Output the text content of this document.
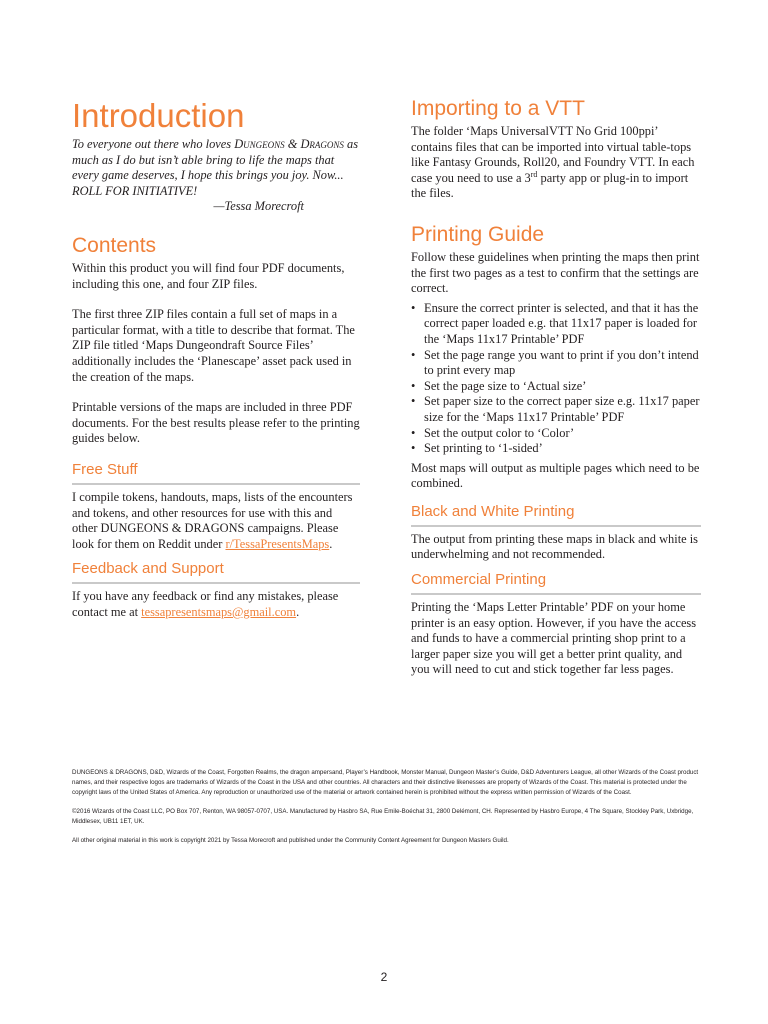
Introduction

To everyone out there who loves Dungeons & Dragons as much as I do but isn’t able bring to life the maps that every game deserves, I hope this brings you joy. Now... ROLL FOR INITIATIVE!

—Tessa Morecroft

Contents

Within this product you will find four PDF documents, including this one, and four ZIP files.

The first three ZIP files contain a full set of maps in a particular format, with a title to describe that format. The ZIP file titled ‘Maps Dungeondraft Source Files’ additionally includes the ‘Planescape’ asset pack used in the creation of the maps.

Printable versions of the maps are included in three PDF documents. For the best results please refer to the printing guides below.

Free Stuff

I compile tokens, handouts, maps, lists of the encounters and tokens, and other resources for use with this and other DUNGEONS & DRAGONS campaigns. Please look for them on Reddit under r/TessaPresentsMaps.

Feedback and Support

If you have any feedback or find any mistakes, please contact me at tessapresentsmaps@gmail.com.

Importing to a VTT

The folder ‘Maps UniversalVTT No Grid 100ppi’ contains files that can be imported into virtual table-tops like Fantasy Grounds, Roll20, and Foundry VTT. In each case you need to use a 3rd party app or plug-in to import the files.

Printing Guide

Follow these guidelines when printing the maps then print the first two pages as a test to confirm that the settings are correct.

• Ensure the correct printer is selected, and that it has the correct paper loaded e.g. that 11x17 paper is loaded for the ‘Maps 11x17 Printable’ PDF
• Set the page range you want to print if you don’t intend to print every map
• Set the page size to ‘Actual size’
• Set paper size to the correct paper size e.g. 11x17 paper size for the ‘Maps 11x17 Printable’ PDF
• Set the output color to ‘Color’
• Set printing to ‘1-sided’

Most maps will output as multiple pages which need to be combined.

Black and White Printing

The output from printing these maps in black and white is underwhelming and not recommended.

Commercial Printing

Printing the ‘Maps Letter Printable’ PDF on your home printer is an easy option. However, if you have the access and funds to have a commercial printing shop print to a larger paper size you will get a better print quality, and you will need to cut and stick together far less pages.

DUNGEONS & DRAGONS, D&D, Wizards of the Coast, Forgotten Realms, the dragon ampersand, Player’s Handbook, Monster Manual, Dungeon Master’s Guide, D&D Adventurers League, all other Wizards of the Coast product names, and their respective logos are trademarks of Wizards of the Coast in the USA and other countries. All characters and their distinctive likenesses are property of Wizards of the Coast. This material is protected under the copyright laws of the United States of America. Any reproduction or unauthorized use of the material or artwork contained herein is prohibited without the express written permission of Wizards of the Coast.

©2016 Wizards of the Coast LLC, PO Box 707, Renton, WA 98057-0707, USA. Manufactured by Hasbro SA, Rue Emile-Boéchat 31, 2800 Delémont, CH. Represented by Hasbro Europe, 4 The Square, Stockley Park, Uxbridge, Middlesex, UB11 1ET, UK.

All other original material in this work is copyright 2021 by Tessa Morecroft and published under the Community Content Agreement for Dungeon Masters Guild.

2
